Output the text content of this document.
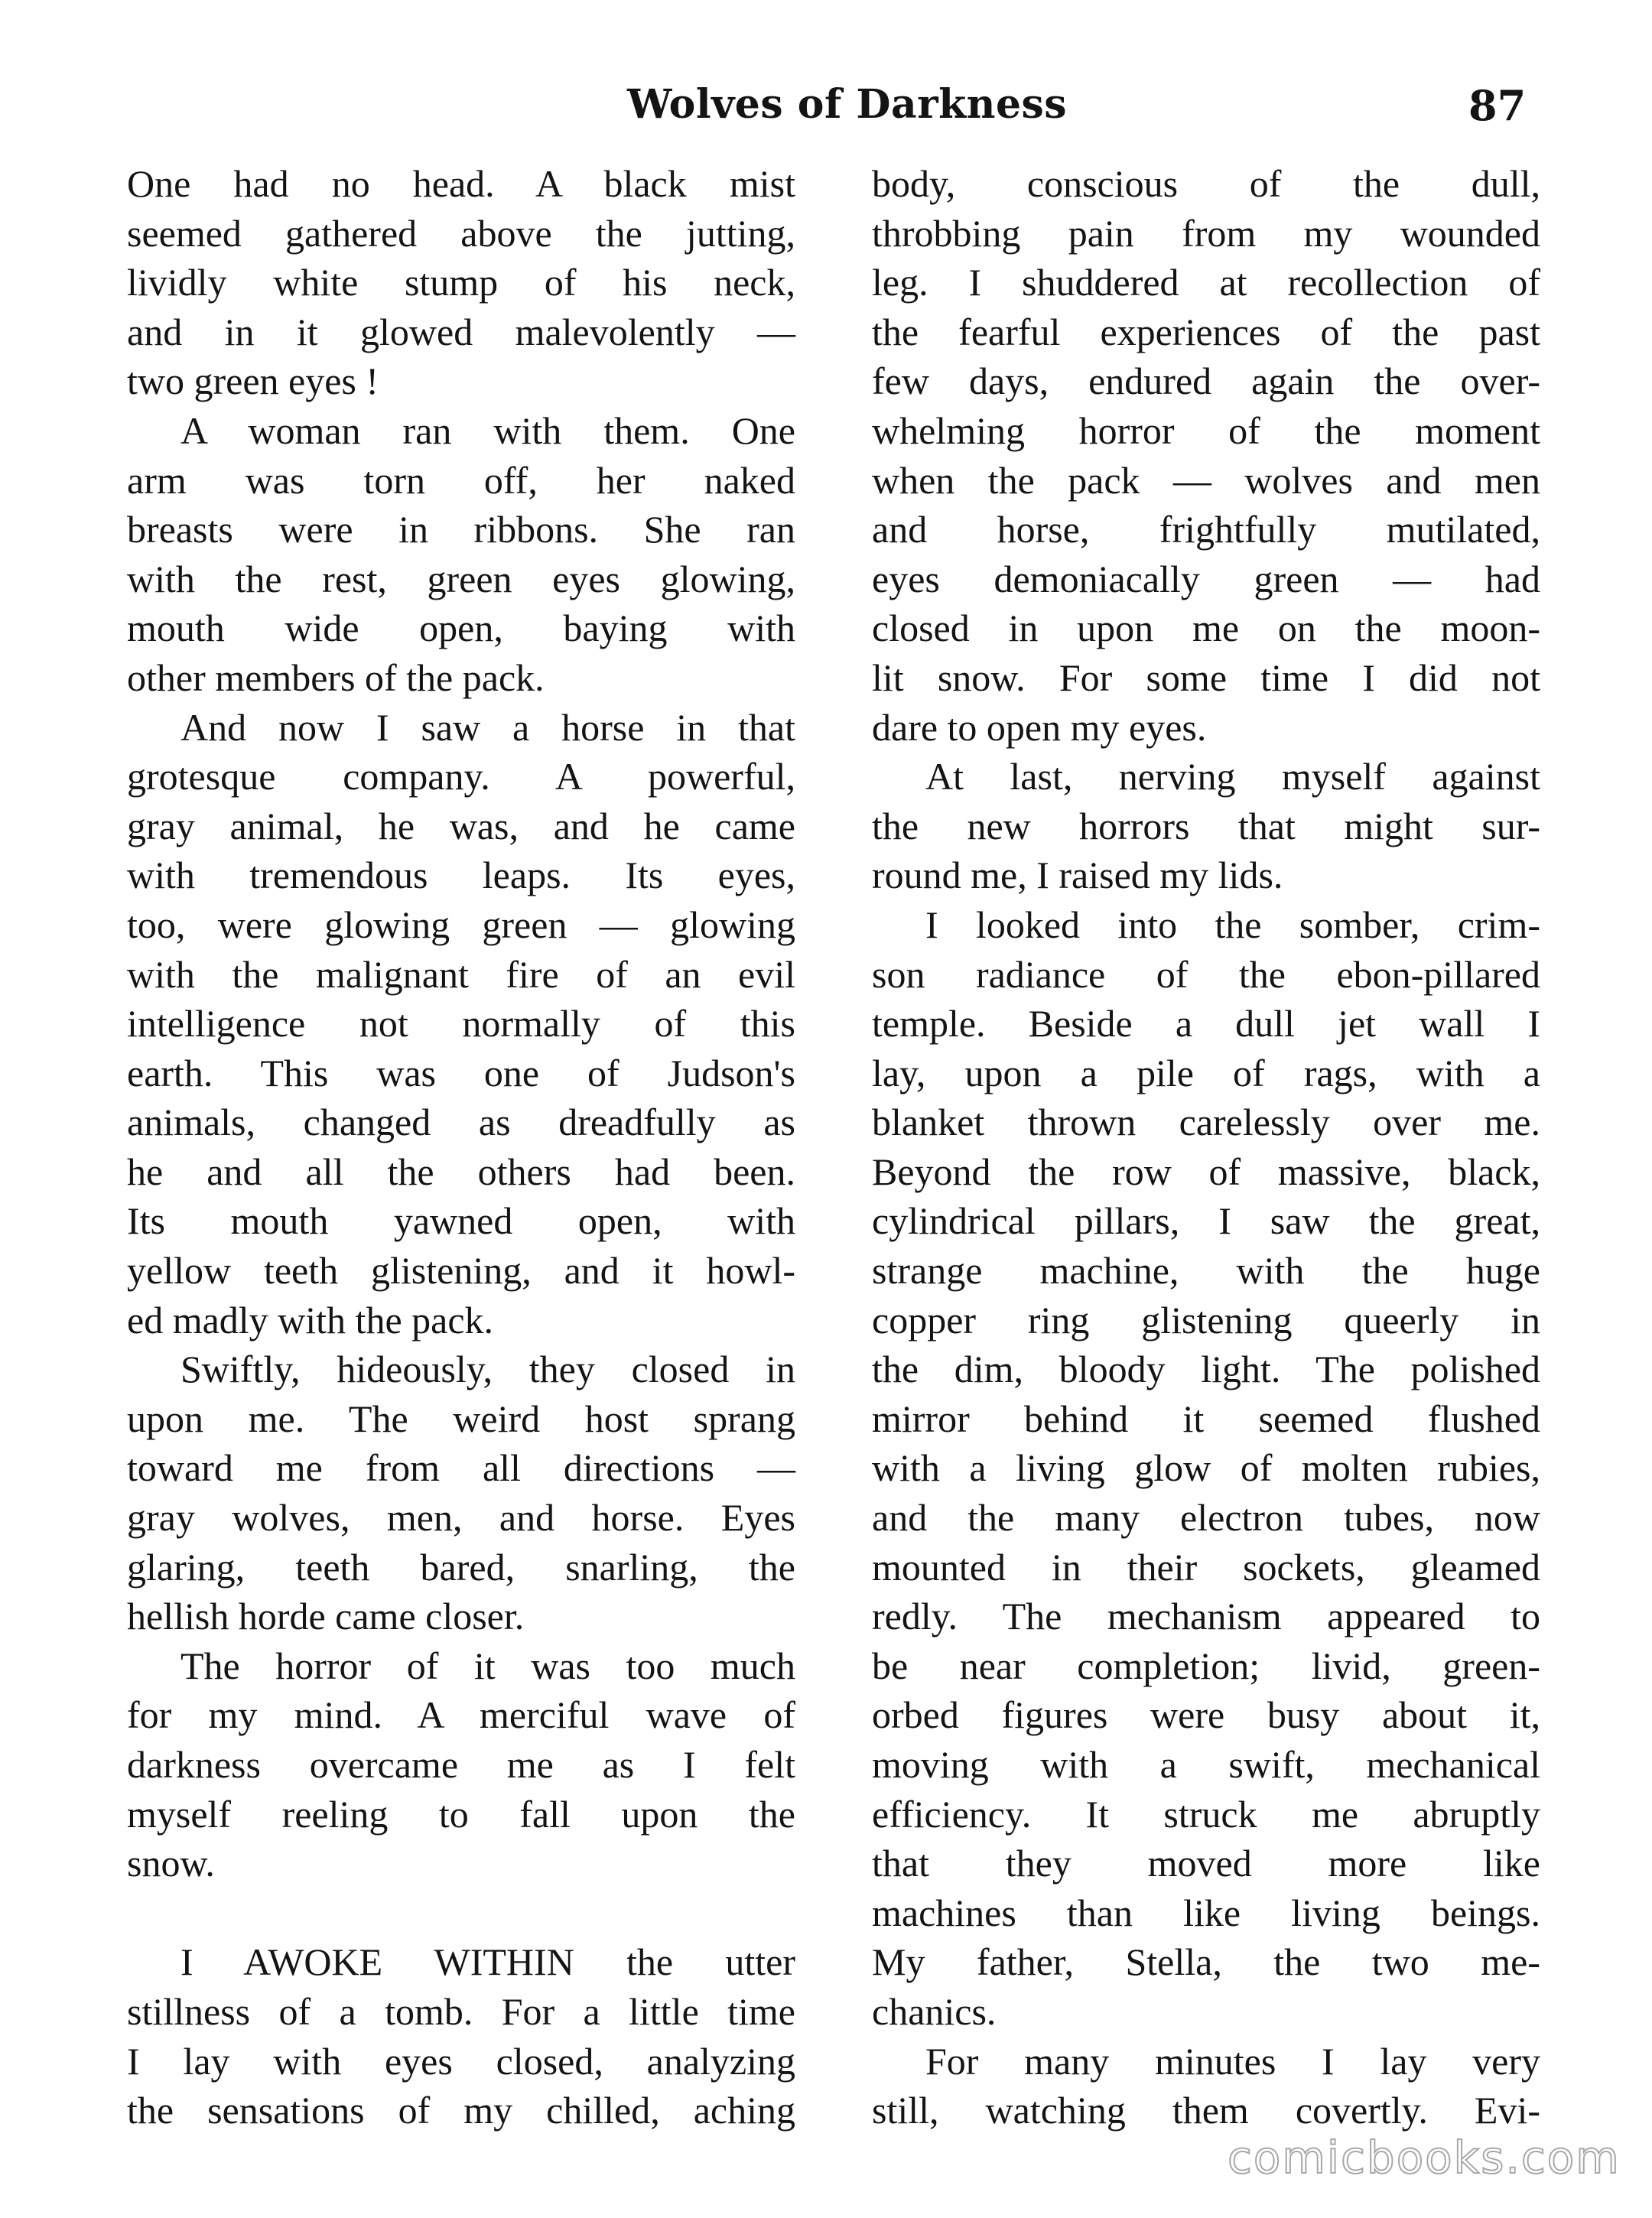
Wolves of Darkness	87
One had no head. A black mist
seemed gathered above the jutting,
lividly white stump of his neck,
and in it glowed malevolently —
two green eyes !
A woman ran with them. One
arm was torn off, her naked
breasts were in ribbons. She ran
with the rest, green eyes glowing,
mouth wide open, baying with
other members of the pack.
And now I saw a horse in that
grotesque company. A powerful,
gray animal, he was, and he came
with tremendous leaps. Its eyes,
too, were glowing green — glowing
with the malignant fire of an evil
intelligence not normally of this
earth. This was one of Judson's
animals, changed as dreadfully as
he and all the others had been.
Its mouth yawned open, with
yellow teeth glistening, and it howl-
ed madly with the pack.
Swiftly, hideously, they closed in
upon me. The weird host sprang
toward me from all directions —
gray wolves, men, and horse. Eyes
glaring, teeth bared, snarling, the
hellish horde came closer.
The horror of it was too much
for my mind. A merciful wave of
darkness overcame me as I felt
myself reeling to fall upon the
snow.
I AWOKE WITHIN the utter
stillness of a tomb. For a little time
I lay with eyes closed, analyzing
the sensations of my chilled, aching
body, conscious of the dull,
throbbing pain from my wounded
leg. I shuddered at recollection of
the fearful experiences of the past
few days, endured again the over-
whelming horror of the moment
when the pack — wolves and men
and horse, frightfully mutilated,
eyes demoniacally green — had
closed in upon me on the moon-
lit snow. For some time I did not
dare to open my eyes.
At last, nerving myself against
the new horrors that might sur-
round me, I raised my lids.
I looked into the somber, crim-
son radiance of the ebon-pillared
temple. Beside a dull jet wall I
lay, upon a pile of rags, with a
blanket thrown carelessly over me.
Beyond the row of massive, black,
cylindrical pillars, I saw the great,
strange machine, with the huge
copper ring glistening queerly in
the dim, bloody light. The polished
mirror behind it seemed flushed
with a living glow of molten rubies,
and the many electron tubes, now
mounted in their sockets, gleamed
redly. The mechanism appeared to
be near completion; livid, green-
orbed figures were busy about it,
moving with a swift, mechanical
efficiency. It struck me abruptly
that they moved more like
machines than like living beings.
My father, Stella, the two me-
chanics.
For many minutes I lay very
still, watching them covertly. Evi-
comicbooks.com
